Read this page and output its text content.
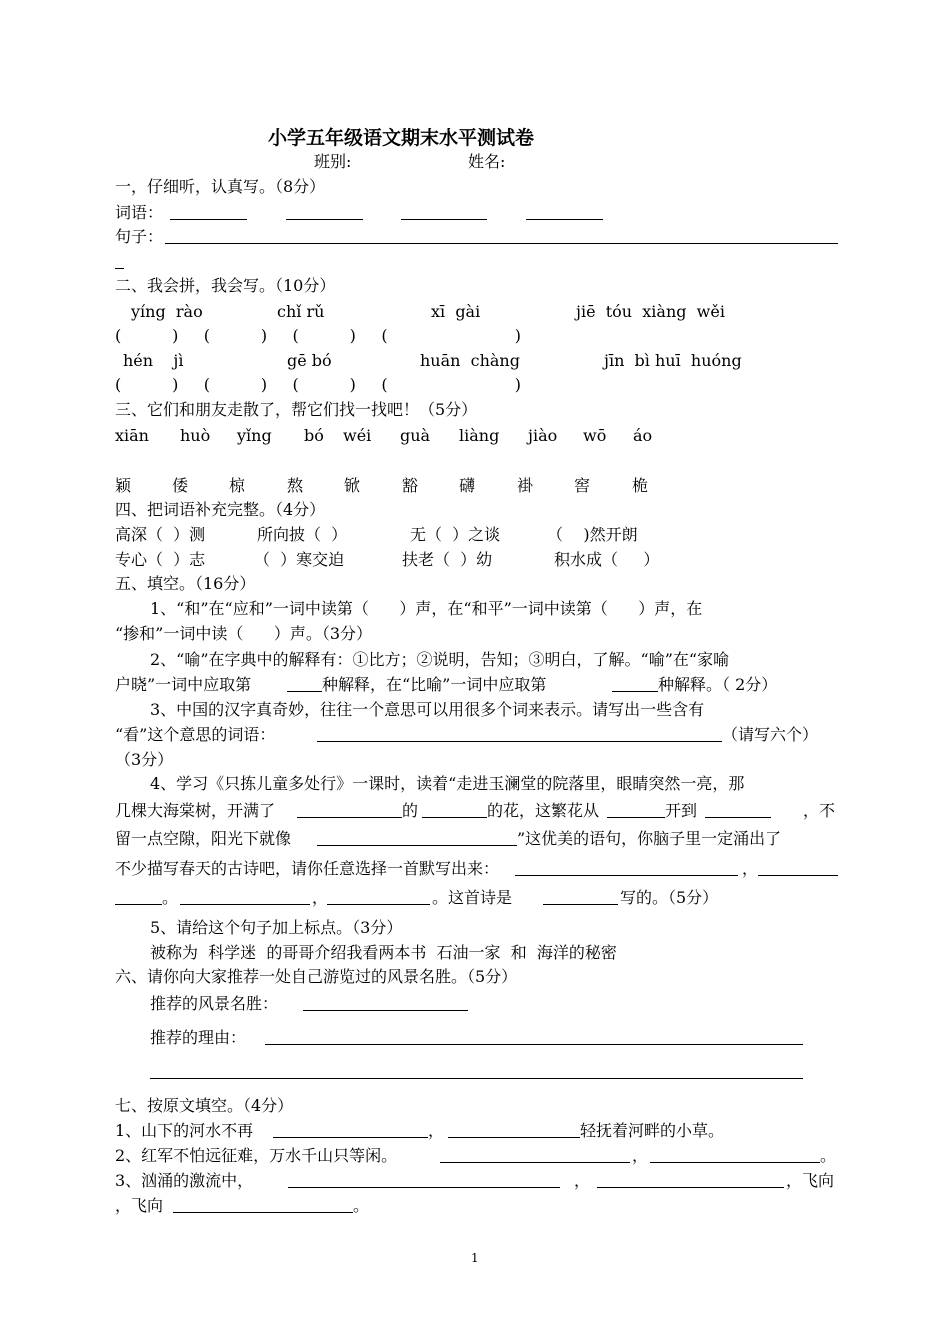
小学五年级语文期末水平测试卷
班别:	姓名:
一，仔细听，认真写。（8分）
词语：
句子：
二、我会拼，我会写。（10分）
yíng  rào	chǐ rǔ	xī  gài	jiē  tóu  xiàng  wěi
(          )     (          )     (          )     (                         )
hén    jì	gē bó	huān  chàng	jīn  bì huī  huóng
(          )     (          )     (          )     (                         )
三、它们和朋友走散了，帮它们找一找吧！（5分）
xiān huò yǐng bó wéi guà liàng jiào wō áo
颖	倭	椋	熬	锨	豁	礴	褂	窖	桅
四、把词语补充完整。（4分）
高深（  ）测	所向披（  ）	无（  ）之谈	（    )然开朗
专心（  ）志	（  ）寒交迫	扶老（  ）幼	积水成（     ）
五、填空。（16分）
1、“和”在“应和”一词中读第（      ）声，在“和平”一词中读第（      ）声，在
“掺和”一词中读（      ）声。（3分）
2、“喻”在字典中的解释有：①比方；②说明，告知；③明白，了解。“喻”在“家喻
户晓”一词中应取第	种解释，在“比喻”一词中应取第	种解释。（ 2分）
3、中国的汉字真奇妙，往往一个意思可以用很多个词来表示。请写出一些含有
“看”这个意思的词语：	（请写六个）
（3分）
4、学习《只拣儿童多处行》一课时，读着“走进玉澜堂的院落里，眼睛突然一亮，那
几棵大海棠树，开满了	的	的花，这繁花从	开到	，不
留一点空隙，阳光下就像	”这优美的语句，你脑子里一定涌出了
不少描写春天的古诗吧，请你任意选择一首默写出来：	，
。	，	。这首诗是	写的。（5分）
5、请给这个句子加上标点。（3分）
被称为  科学迷  的哥哥介绍我看两本书  石油一家  和  海洋的秘密
六、请你向大家推荐一处自己游览过的风景名胜。（5分）
推荐的风景名胜：
推荐的理由：
七、按原文填空。（4分）
1、山下的河水不再	，	轻抚着河畔的小草。
2、红军不怕远征难，万水千山只等闲。	，	。
3、汹涌的激流中，	，	，飞向
，飞向	。
1
